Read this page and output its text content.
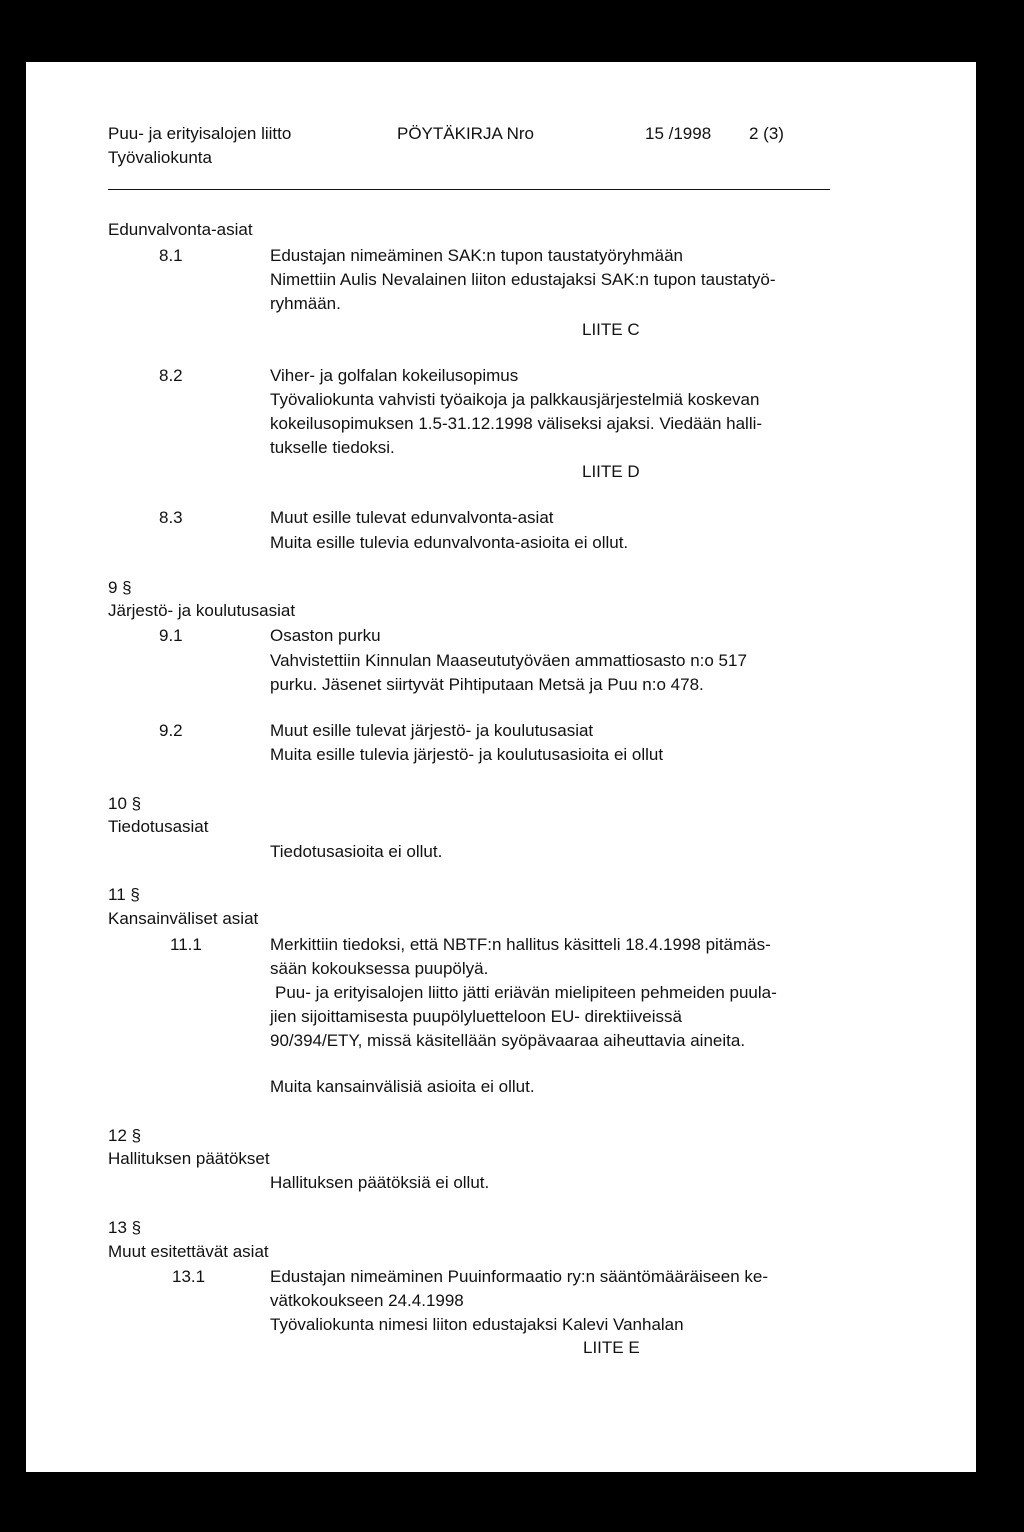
Puu- ja erityisalojen liitto
Työvaliokunta
PÖYTÄKIRJA Nro	15 /1998 2 (3)
Edunvalvonta-asiat
8.1	Edustajan nimeäminen SAK:n tupon taustatyöryhmään
Nimettiin Aulis Nevalainen liiton edustajaksi SAK:n tupon taustatyö-
ryhmään.
LIITE C
8.2	Viher- ja golfalan kokeilusopimus
Työvaliokunta vahvisti työaikoja ja palkkausjärjestelmiä koskevan
kokeilusopimuksen 1.5-31.12.1998 väliseksi ajaksi. Viedään halli-
tukselle tiedoksi.
LIITE D
8.3	Muut esille tulevat edunvalvonta-asiat
Muita esille tulevia edunvalvonta-asioita ei ollut.
9 §
Järjestö- ja koulutusasiat
9.1	Osaston purku
Vahvistettiin Kinnulan Maaseututyöväen ammattiosasto n:o 517
purku. Jäsenet siirtyvät Pihtiputaan Metsä ja Puu n:o 478.
9.2	Muut esille tulevat järjestö- ja koulutusasiat
Muita esille tulevia järjestö- ja koulutusasioita ei ollut
10 §
Tiedotusasiat
Tiedotusasioita ei ollut.
11 §
Kansainväliset asiat
11.1	Merkittiin tiedoksi, että NBTF:n hallitus käsitteli 18.4.1998 pitämäs-
sään kokouksessa puupölyä.
Puu- ja erityisalojen liitto jätti eriävän mielipiteen pehmeiden puula-
jien sijoittamisesta puupölyluetteloon EU- direktiiveissä
90/394/ETY, missä käsitellään syöpävaaraa aiheuttavia aineita.
Muita kansainvälisiä asioita ei ollut.
12 §
Hallituksen päätökset
Hallituksen päätöksiä ei ollut.
13 §
Muut esitettävät asiat
13.1	Edustajan nimeäminen Puuinformaatio ry:n sääntömääräiseen ke-
vätkokoukseen 24.4.1998
Työvaliokunta nimesi liiton edustajaksi Kalevi Vanhalan
LIITE E
